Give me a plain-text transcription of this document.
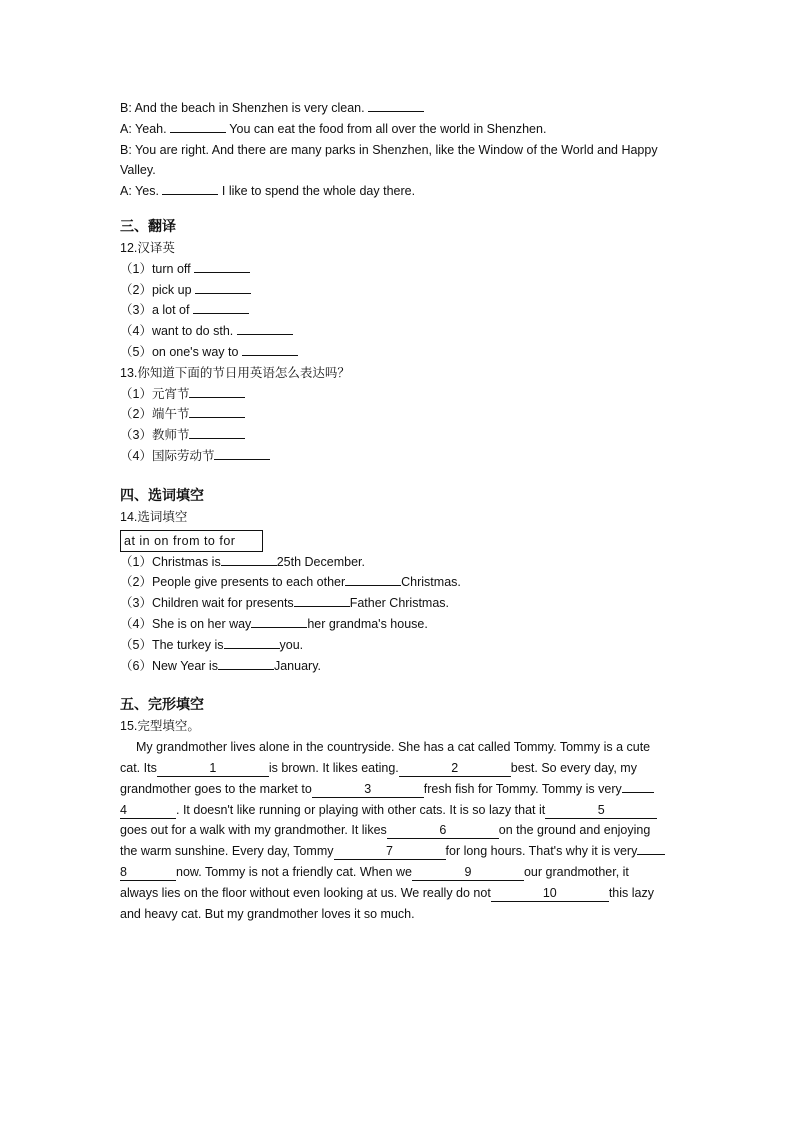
B: And the beach in Shenzhen is very clean.
A: Yeah.	You can eat the food from all over the world in Shenzhen.
B: You are right. And there are many parks in Shenzhen, like the Window of the World and Happy
Valley.
A: Yes.	I like to spend the whole day there.
三、翻译
12.汉译英
（1）turn off
（2）pick up
（3）a lot of
（4）want to do sth.
（5）on one's way to
13.你知道下面的节日用英语怎么表达吗？
（1）元宵节
（2）端午节
（3）教师节
（4）国际劳动节
四、选词填空
14.选词填空
at in on from to for
（1）Christmas is	25th December.
（2）People give presents to each other	Christmas.
（3）Children wait for presents	Father Christmas.
（4）She is on her way	her grandma's house.
（5）The turkey is	you.
（6）New Year is	January.
五、完形填空
15.完型填空。
My grandmother lives alone in the countryside. She has a cat called Tommy. Tommy is a cute
cat. Its	1	is brown. It likes eating.	2	best. So every day, my
grandmother goes to the market to	3	fresh fish for Tommy. Tommy is very
4	. It doesn't like running or playing with other cats. It is so lazy that it	5
goes out for a walk with my grandmother. It likes	6	on the ground and enjoying
the warm sunshine. Every day, Tommy	7	for long hours. That's why it is very
8	now. Tommy is not a friendly cat. When we	9	our grandmother, it
always lies on the floor without even looking at us. We really do not	10	this lazy
and heavy cat. But my grandmother loves it so much.
